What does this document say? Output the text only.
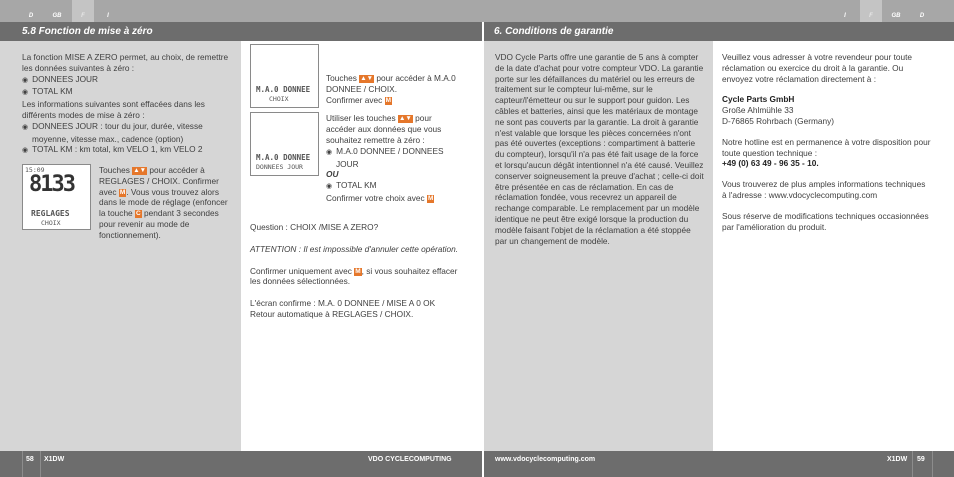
D	GB	F	I	I	F	GB	D
5.8 Fonction de mise à zéro	6. Conditions de garantie

La fonction MISE A ZERO permet, au choix, de remettre les données suivantes à zéro :

◉ DONNEES JOUR

◉ TOTAL KM

Les informations suivantes sont effacées dans les différents modes de mise à zéro :

◉ DONNEES JOUR : tour du jour, durée, vitesse moyenne, vitesse max., cadence (option)

◉ TOTAL KM : km total, km VELO 1, km VELO 2

15:09
8133
REGLAGES
CHOIX
Touches ▲▼ pour accéder à REGLAGES / CHOIX. Confirmer avec M. Vous vous trouvez alors dans le mode de réglage (enfoncer la touche C pendant 3 secondes pour revenir au mode de fonctionnement).
M.A.0 DONNEE
CHOIX
M.A.0 DONNEE
DONNEES JOUR

Touches ▲▼ pour accéder à M.A.0 DONNEE / CHOIX.

Confirmer avec M

Utiliser les touches ▲▼ pour accéder aux données que vous souhaitez remettre à zéro :

◉ M.A.0 DONNEE / DONNEES JOUR

OU

◉ TOTAL KM

Confirmer votre choix avec M

Question : CHOIX /MISE A ZERO?

ATTENTION : Il est impossible d'annuler cette opération.

Confirmer uniquement avec M, si vous souhaitez effacer les données sélectionnées.

L'écran confirme : M.A. 0 DONNEE / MISE A 0 OK

Retour automatique à REGLAGES / CHOIX.

VDO Cycle Parts offre une garantie de 5 ans à compter de la date d'achat pour votre compteur VDO. La garantie porte sur les défaillances du matériel ou les erreurs de traitement sur le compteur lui-même, sur le capteur/l'émetteur ou sur le support pour guidon. Les câbles et batteries, ainsi que les matériaux de montage ne sont pas couverts par la garantie. La droit à garantie n'est valable que lorsque les pièces concernées n'ont pas été ouvertes (exceptions : compartiment à batterie du compteur), lorsqu'il n'a pas été fait usage de la force et lorsqu'aucun dégât intentionnel n'a été causé. Veuillez conserver soigneusement la preuve d'achat ; celle-ci doit être présentée en cas de réclamation. En cas de réclamation fondée, vous recevrez un appareil de rechange comparable. Le remplacement par un modèle identique ne peut être exigé lorsque la production du modèle faisant l'objet de la réclamation a été stoppée par un changement de modèle.

Veuillez vous adresser à votre revendeur pour toute réclamation ou exercice du droit à la garantie. Ou envoyez votre réclamation directement à :

Cycle Parts GmbH

Große Ahlmühle 33

D-76865 Rohrbach (Germany)

Notre hotline est en permanence à votre disposition pour toute question technique :

+49 (0) 63 49 - 96 35 - 10.

Vous trouverez de plus amples informations techniques à l'adresse : www.vdocyclecomputing.com

Sous réserve de modifications techniques occasionnées par l'amélioration du produit.

58 X1DW	VDO CYCLECOMPUTING	www.vdocyclecomputing.com	X1DW 59
